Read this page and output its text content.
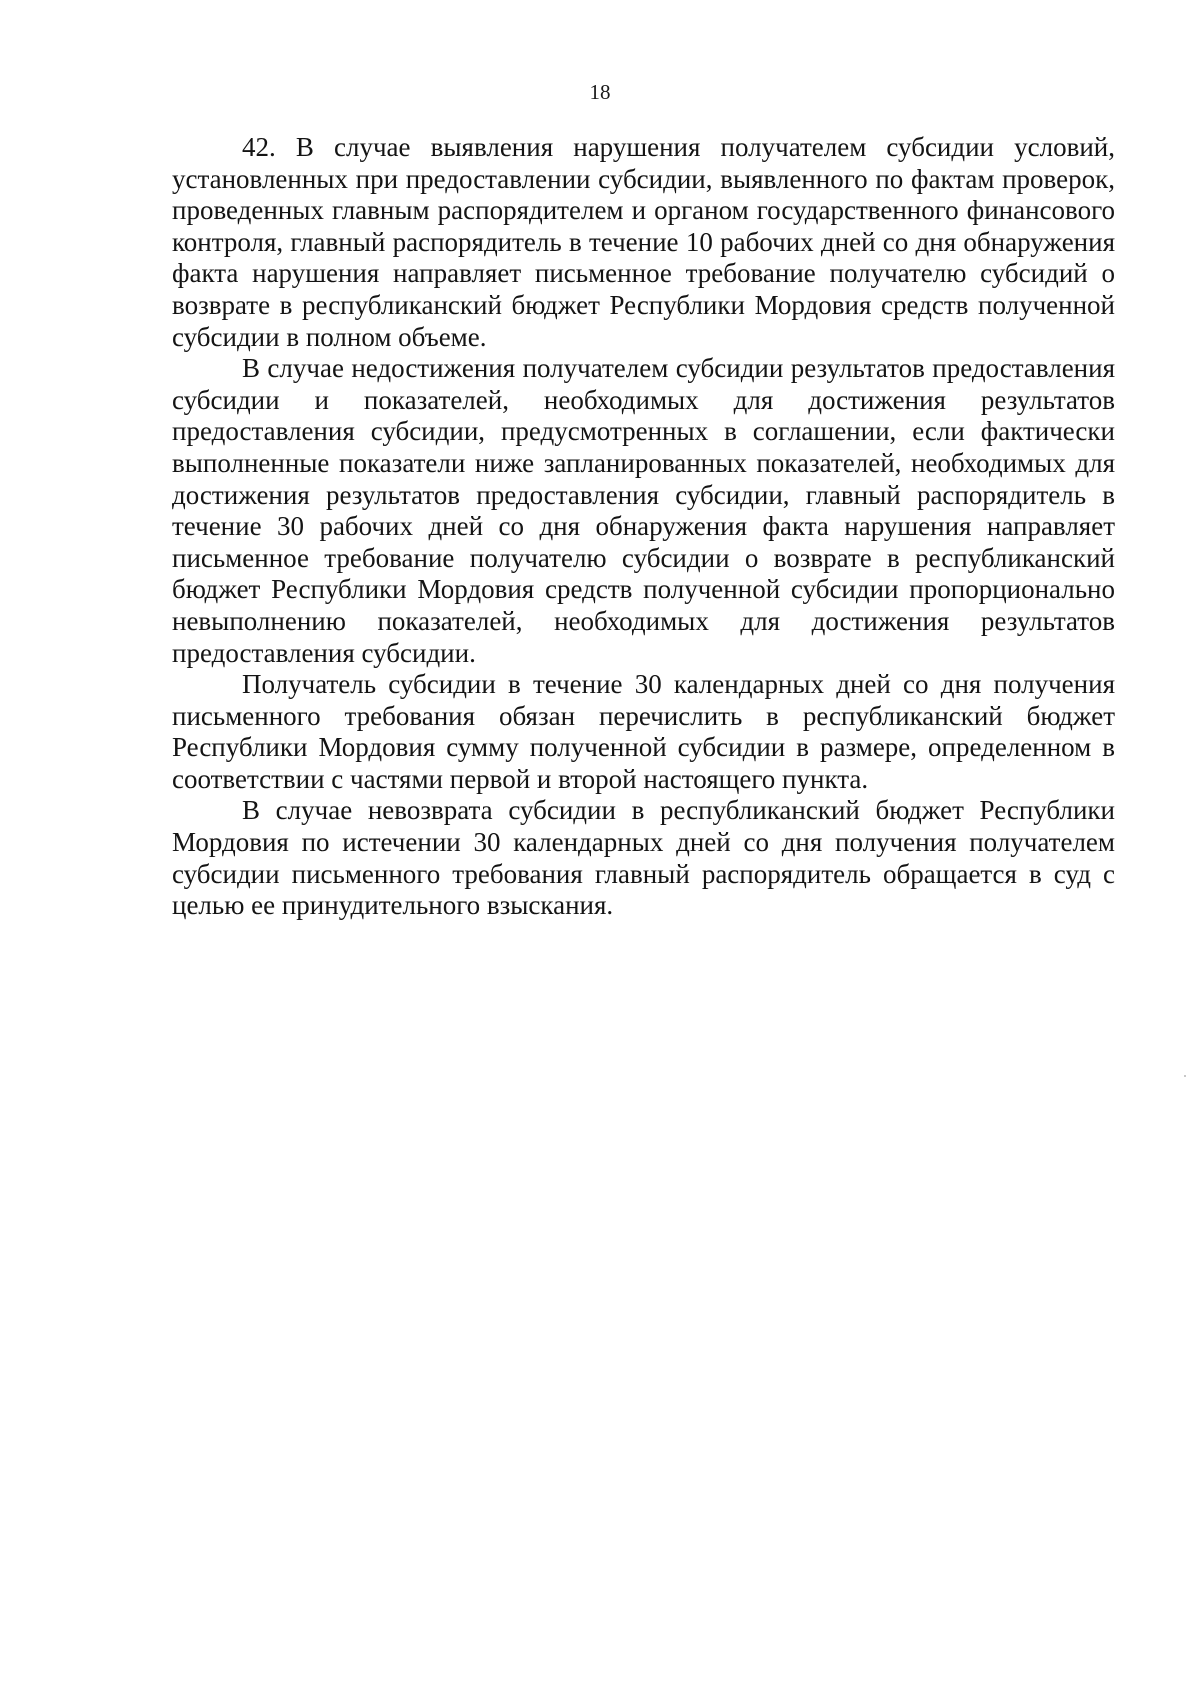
18

42. В случае выявления нарушения получателем субсидии условий, установленных при предоставлении субсидии, выявленного по фактам проверок, проведенных главным распорядителем и органом государственного финансового контроля, главный распорядитель в течение 10 рабочих дней со дня обнаружения факта нарушения направляет письменное требование получателю субсидий о возврате в республиканский бюджет Республики Мордовия средств полученной субсидии в полном объеме.

В случае недостижения получателем субсидии результатов предоставления субсидии и показателей, необходимых для достижения результатов предоставления субсидии, предусмотренных в соглашении, если фактически выполненные показатели ниже запланированных показателей, необходимых для достижения результатов предоставления субсидии, главный распорядитель в течение 30 рабочих дней со дня обнаружения факта нарушения направляет письменное требование получателю субсидии о возврате в республиканский бюджет Республики Мордовия средств полученной субсидии пропорционально невыполнению показателей, необходимых для достижения результатов предоставления субсидии.

Получатель субсидии в течение 30 календарных дней со дня получения письменного требования обязан перечислить в республиканский бюджет Республики Мордовия сумму полученной субсидии в размере, определенном в соответствии с частями первой и второй настоящего пункта.

В случае невозврата субсидии в республиканский бюджет Республики Мордовия по истечении 30 календарных дней со дня получения получателем субсидии письменного требования главный распорядитель обращается в суд с целью ее принудительного взыскания.
